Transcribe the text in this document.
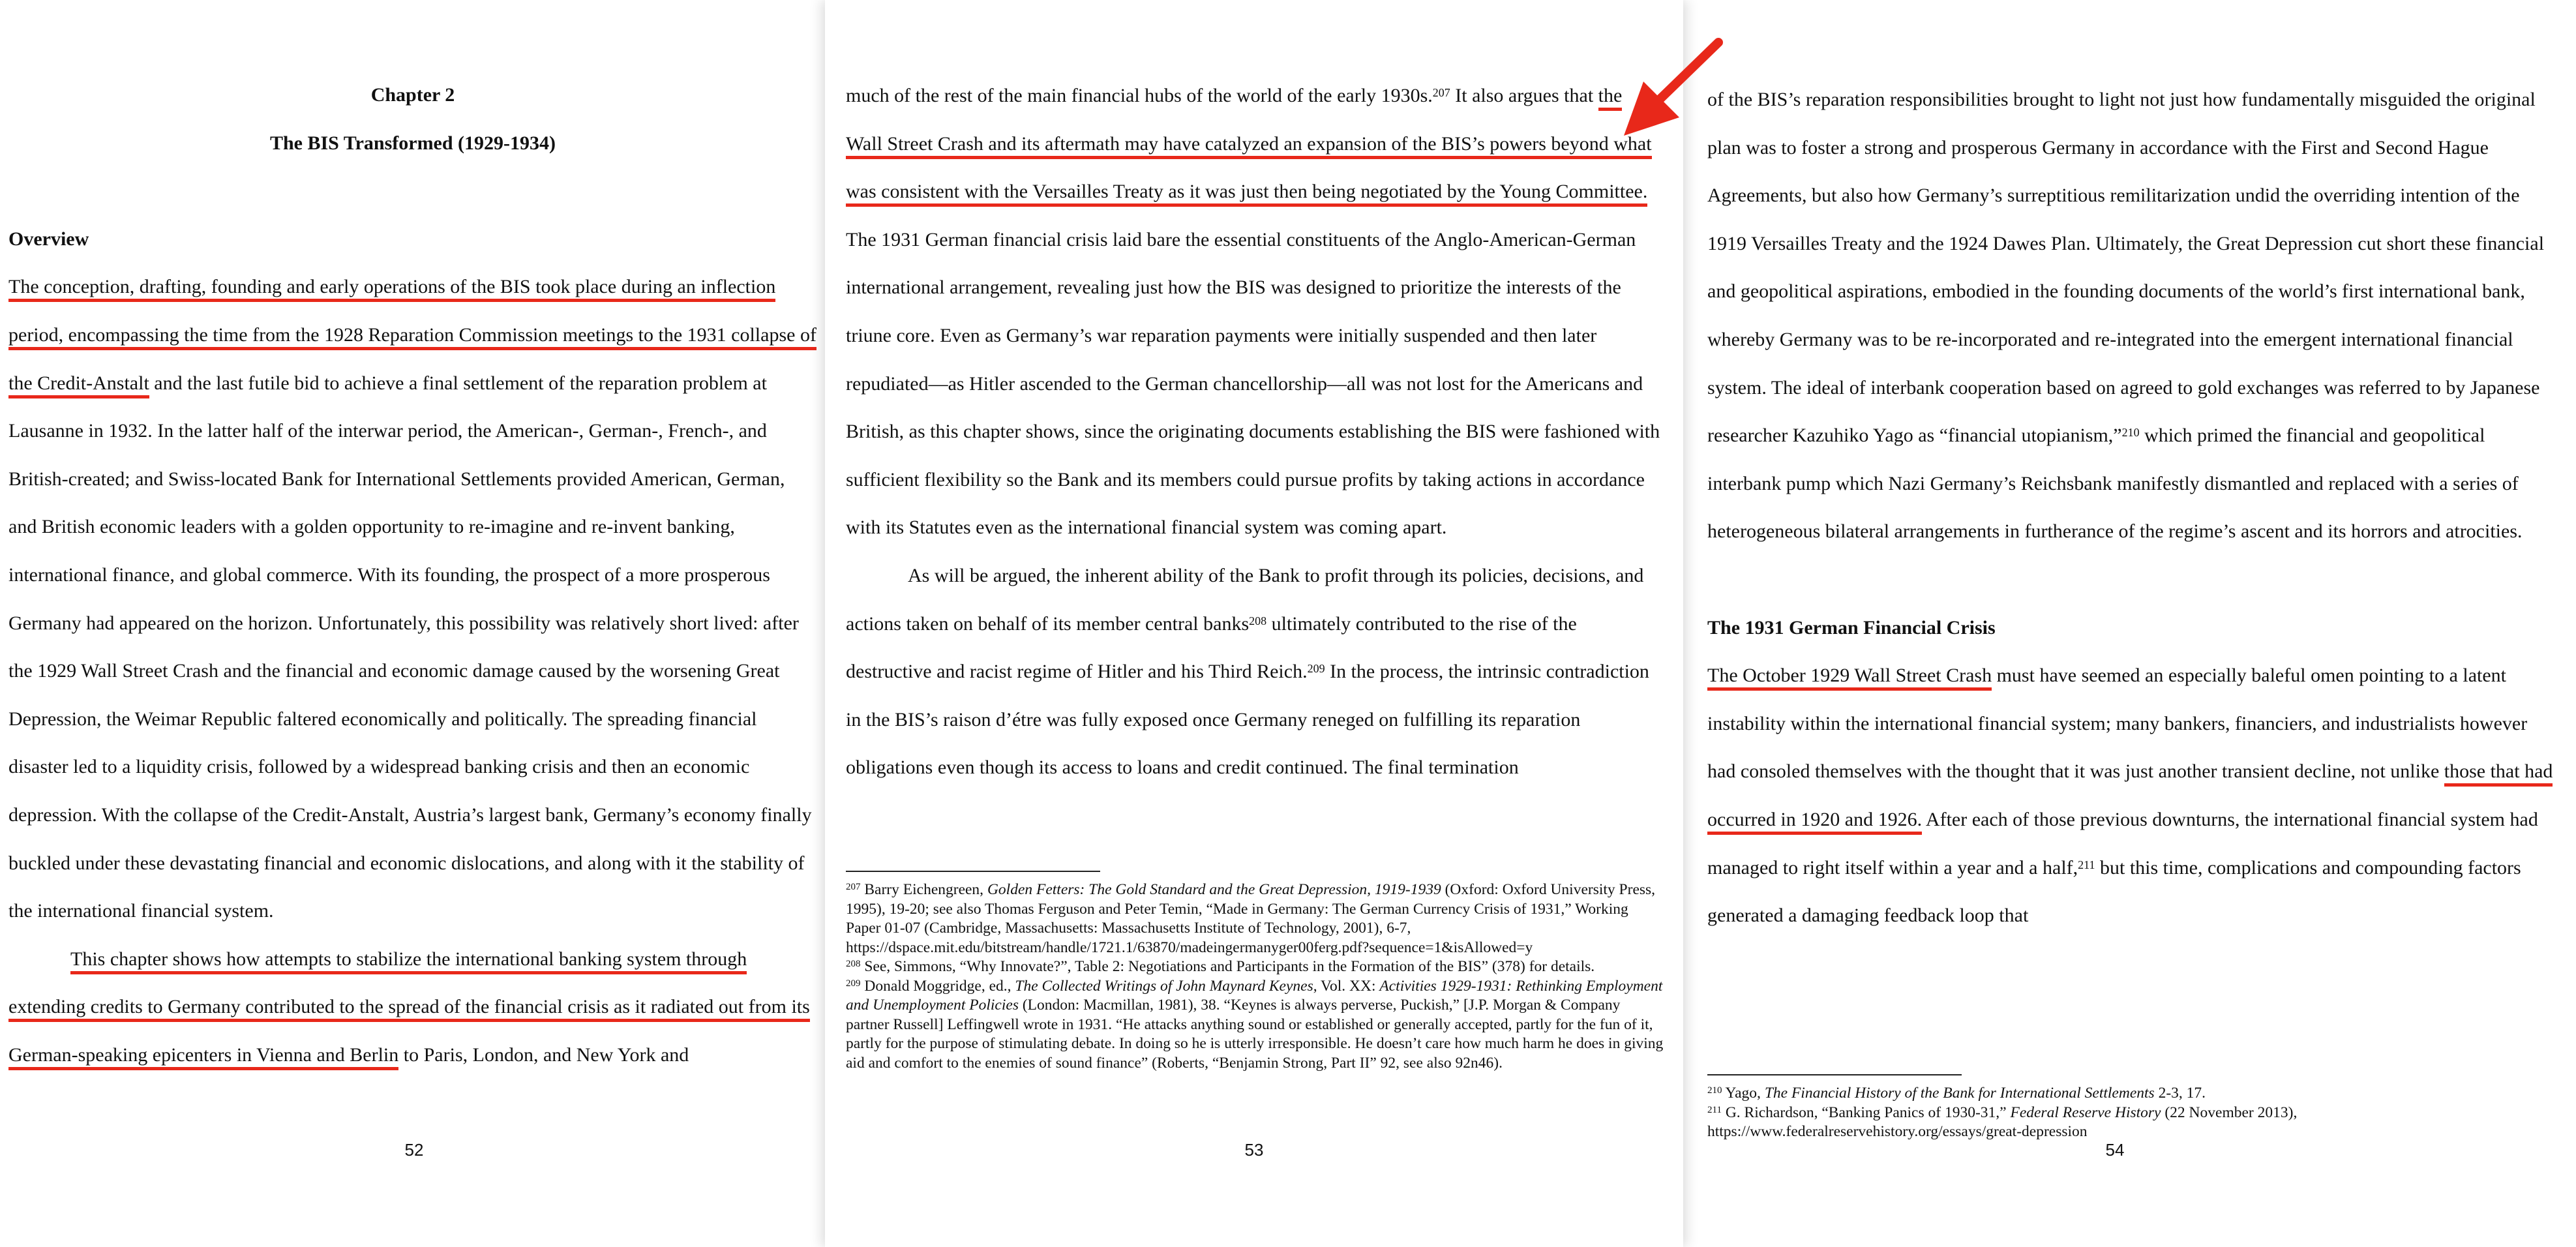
Chapter 2

The BIS Transformed (1929-1934)

Overview

The conception, drafting, founding and early operations of the BIS took place during an inflection period, encompassing the time from the 1928 Reparation Commission meetings to the 1931 collapse of the Credit-Anstalt and the last futile bid to achieve a final settlement of the reparation problem at Lausanne in 1932. In the latter half of the interwar period, the American-, German-, French-, and British-created; and Swiss-located Bank for International Settlements provided American, German, and British economic leaders with a golden opportunity to re-imagine and re-invent banking, international finance, and global commerce. With its founding, the prospect of a more prosperous Germany had appeared on the horizon. Unfortunately, this possibility was relatively short lived: after the 1929 Wall Street Crash and the financial and economic damage caused by the worsening Great Depression, the Weimar Republic faltered economically and politically. The spreading financial disaster led to a liquidity crisis, followed by a widespread banking crisis and then an economic depression. With the collapse of the Credit-Anstalt, Austria’s largest bank, Germany’s economy finally buckled under these devastating financial and economic dislocations, and along with it the stability of the international financial system.

This chapter shows how attempts to stabilize the international banking system through extending credits to Germany contributed to the spread of the financial crisis as it radiated out from its German-speaking epicenters in Vienna and Berlin to Paris, London, and New York and

52

much of the rest of the main financial hubs of the world of the early 1930s.$^{207}$ It also argues that the Wall Street Crash and its aftermath may have catalyzed an expansion of the BIS’s powers beyond what was consistent with the Versailles Treaty as it was just then being negotiated by the Young Committee. The 1931 German financial crisis laid bare the essential constituents of the Anglo-American-German international arrangement, revealing just how the BIS was designed to prioritize the interests of the triune core. Even as Germany’s war reparation payments were initially suspended and then later repudiated—as Hitler ascended to the German chancellorship—all was not lost for the Americans and British, as this chapter shows, since the originating documents establishing the BIS were fashioned with sufficient flexibility so the Bank and its members could pursue profits by taking actions in accordance with its Statutes even as the international financial system was coming apart.

As will be argued, the inherent ability of the Bank to profit through its policies, decisions, and actions taken on behalf of its member central banks$^{208}$ ultimately contributed to the rise of the destructive and racist regime of Hitler and his Third Reich.$^{209}$ In the process, the intrinsic contradiction in the BIS’s raison d’étre was fully exposed once Germany reneged on fulfilling its reparation obligations even though its access to loans and credit continued. The final termination

$^{207}$ Barry Eichengreen, Golden Fetters: The Gold Standard and the Great Depression, 1919-1939 (Oxford: Oxford University Press, 1995), 19-20; see also Thomas Ferguson and Peter Temin, “Made in Germany: The German Currency Crisis of 1931,” Working Paper 01-07 (Cambridge, Massachusetts: Massachusetts Institute of Technology, 2001), 6-7, https://dspace.mit.edu/bitstream/handle/1721.1/63870/madeingermanyger00ferg.pdf?sequence=1&isAllowed=y

$^{208}$ See, Simmons, “Why Innovate?”, Table 2: Negotiations and Participants in the Formation of the BIS” (378) for details.

$^{209}$ Donald Moggridge, ed., The Collected Writings of John Maynard Keynes, Vol. XX: Activities 1929-1931: Rethinking Employment and Unemployment Policies (London: Macmillan, 1981), 38. “Keynes is always perverse, Puckish,” [J.P. Morgan & Company partner Russell] Leffingwell wrote in 1931. “He attacks anything sound or established or generally accepted, partly for the fun of it, partly for the purpose of stimulating debate. In doing so he is utterly irresponsible. He doesn’t care how much harm he does in giving aid and comfort to the enemies of sound finance” (Roberts, “Benjamin Strong, Part II” 92, see also 92n46).

53

of the BIS’s reparation responsibilities brought to light not just how fundamentally misguided the original plan was to foster a strong and prosperous Germany in accordance with the First and Second Hague Agreements, but also how Germany’s surreptitious remilitarization undid the overriding intention of the 1919 Versailles Treaty and the 1924 Dawes Plan. Ultimately, the Great Depression cut short these financial and geopolitical aspirations, embodied in the founding documents of the world’s first international bank, whereby Germany was to be re-incorporated and re-integrated into the emergent international financial system. The ideal of interbank cooperation based on agreed to gold exchanges was referred to by Japanese researcher Kazuhiko Yago as “financial utopianism,”$^{210}$ which primed the financial and geopolitical interbank pump which Nazi Germany’s Reichsbank manifestly dismantled and replaced with a series of heterogeneous bilateral arrangements in furtherance of the regime’s ascent and its horrors and atrocities.

The 1931 German Financial Crisis

The October 1929 Wall Street Crash must have seemed an especially baleful omen pointing to a latent instability within the international financial system; many bankers, financiers, and industrialists however had consoled themselves with the thought that it was just another transient decline, not unlike those that had occurred in 1920 and 1926. After each of those previous downturns, the international financial system had managed to right itself within a year and a half,$^{211}$ but this time, complications and compounding factors generated a damaging feedback loop that

$^{210}$ Yago, The Financial History of the Bank for International Settlements 2-3, 17.

$^{211}$ G. Richardson, “Banking Panics of 1930-31,” Federal Reserve History (22 November 2013), https://www.federalreservehistory.org/essays/great-depression

54
